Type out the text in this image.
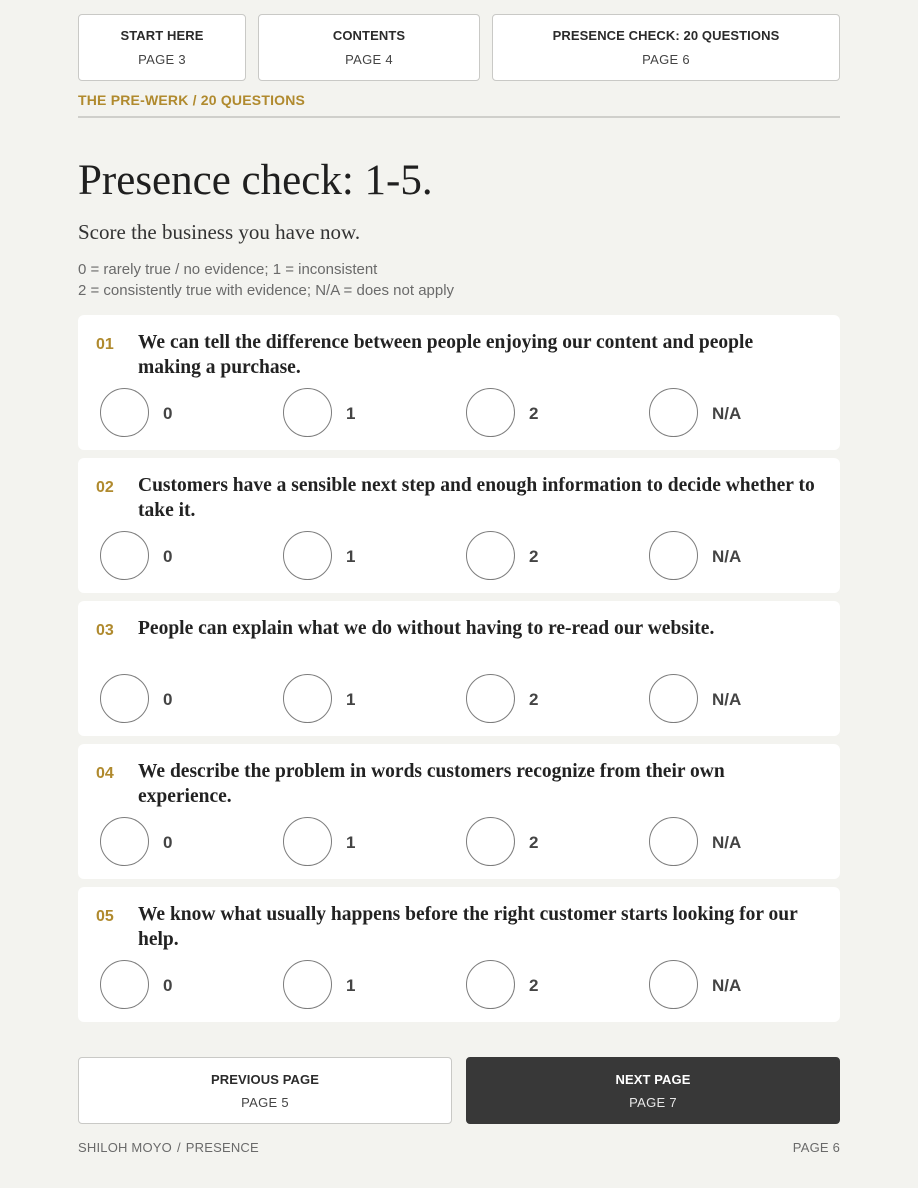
START HERE
PAGE 3
CONTENTS
PAGE 4
PRESENCE CHECK: 20 QUESTIONS
PAGE 6
THE PRE-WERK / 20 QUESTIONS
Presence check: 1-5.

Score the business you have now.

0 = rarely true / no evidence; 1 = inconsistent
2 = consistently true with evidence; N/A = does not apply
01 We can tell the difference between people enjoying our content and people making a purchase.
0	1	2	N/A
02 Customers have a sensible next step and enough information to decide whether to take it.
0	1	2	N/A
03 People can explain what we do without having to re-read our website.
0	1	2	N/A
04 We describe the problem in words customers recognize from their own experience.
0	1	2	N/A
05 We know what usually happens before the right customer starts looking for our help.
0	1	2	N/A
PREVIOUS PAGE
PAGE 5
NEXT PAGE
PAGE 7
SHILOH MOYO / PRESENCE	PAGE 6
